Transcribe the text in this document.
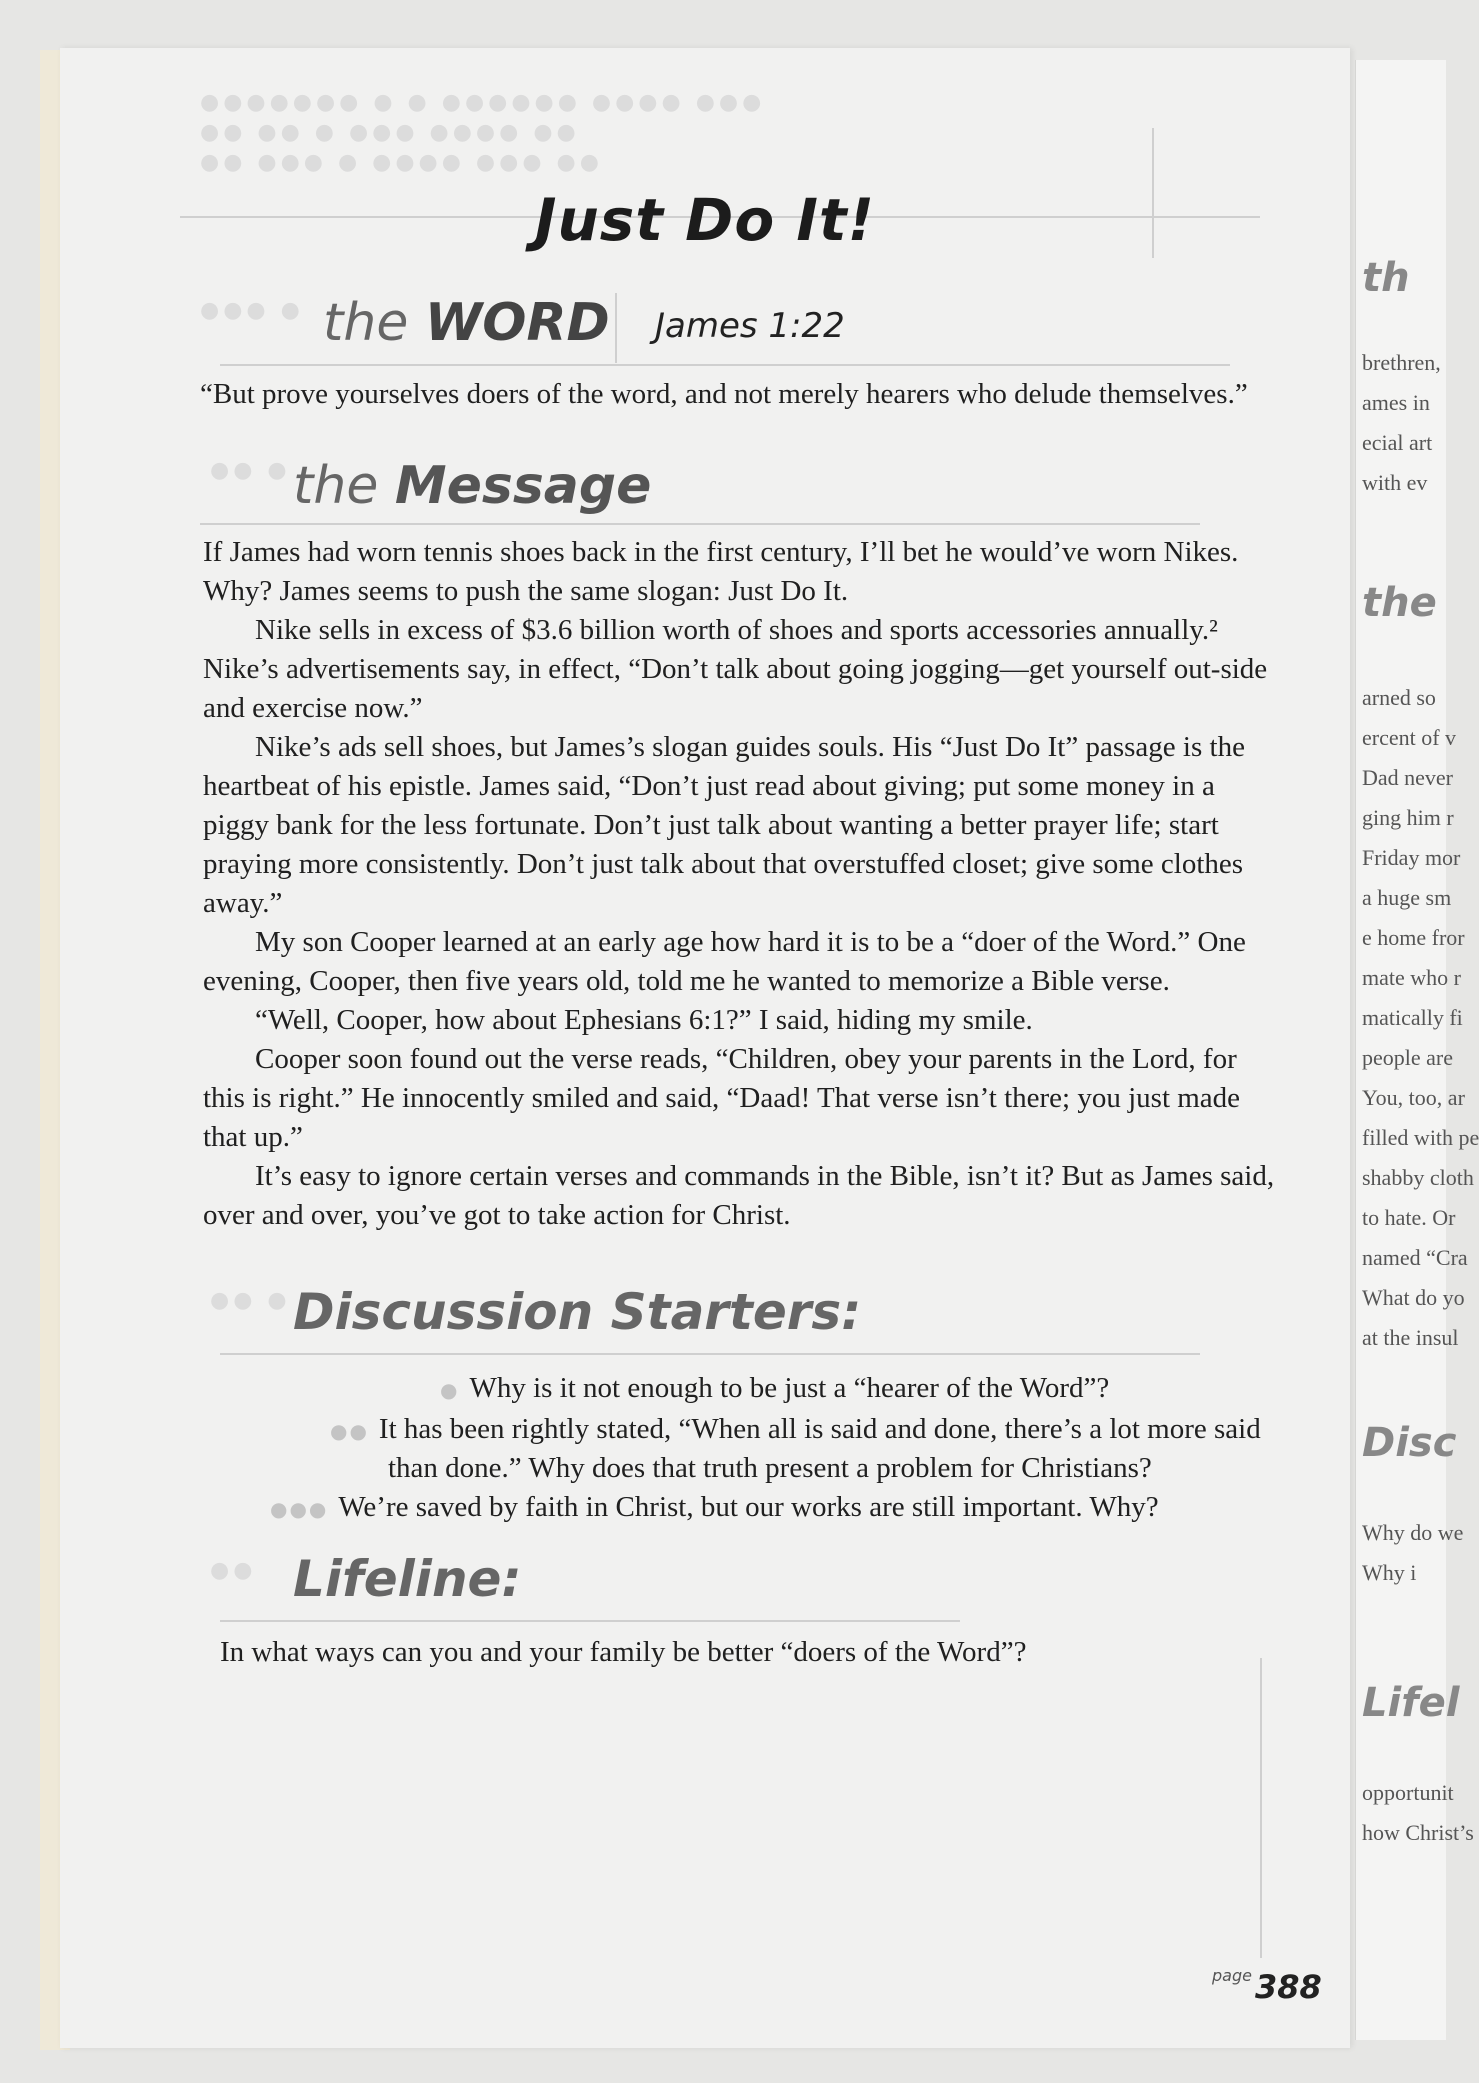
●●●●●●● ● ● ●●●●●● ●●●● ●●●
●● ●● ● ●●● ●●●● ●●
●● ●●● ● ●●●● ●●● ●●
Just Do It!
●●● ● the WORD James 1:22
“But prove yourselves doers of the word, and not merely hearers who delude themselves.”
●● ● the Message

If James had worn tennis shoes back in the first century, I’ll bet he would’ve worn Nikes. Why? James seems to push the same slogan: Just Do It.

Nike sells in excess of $3.6 billion worth of shoes and sports accessories annually.² Nike’s advertisements say, in effect, “Don’t talk about going jogging—get yourself out-side and exercise now.”

Nike’s ads sell shoes, but James’s slogan guides souls. His “Just Do It” passage is the heartbeat of his epistle. James said, “Don’t just read about giving; put some money in a piggy bank for the less fortunate. Don’t just talk about wanting a better prayer life; start praying more consistently. Don’t just talk about that overstuffed closet; give some clothes away.”

My son Cooper learned at an early age how hard it is to be a “doer of the Word.” One evening, Cooper, then five years old, told me he wanted to memorize a Bible verse.

“Well, Cooper, how about Ephesians 6:1?” I said, hiding my smile.

Cooper soon found out the verse reads, “Children, obey your parents in the Lord, for this is right.” He innocently smiled and said, “Daad! That verse isn’t there; you just made that up.”

It’s easy to ignore certain verses and commands in the Bible, isn’t it? But as James said, over and over, you’ve got to take action for Christ.

●● ● Discussion Starters:
● Why is it not enough to be just a “hearer of the Word”?
●● It has been rightly stated, “When all is said and done, there’s a lot more said
than done.” Why does that truth present a problem for Christians?
●●● We’re saved by faith in Christ, but our works are still important. Why?
●● Lifeline:
In what ways can you and your family be better “doers of the Word”?
page 388
th
brethren,
ames in
ecial art
with ev
the
arned so
ercent of v
Dad never
ging him r
Friday mor
a huge sm
e home fror
mate who r
matically fi
people are
You, too, ar
filled with pe
shabby cloth
to hate. Or
named “Cra
What do yo
at the insul
Disc
Why do we
Why i
Lifel
opportunit
how Christ’s
